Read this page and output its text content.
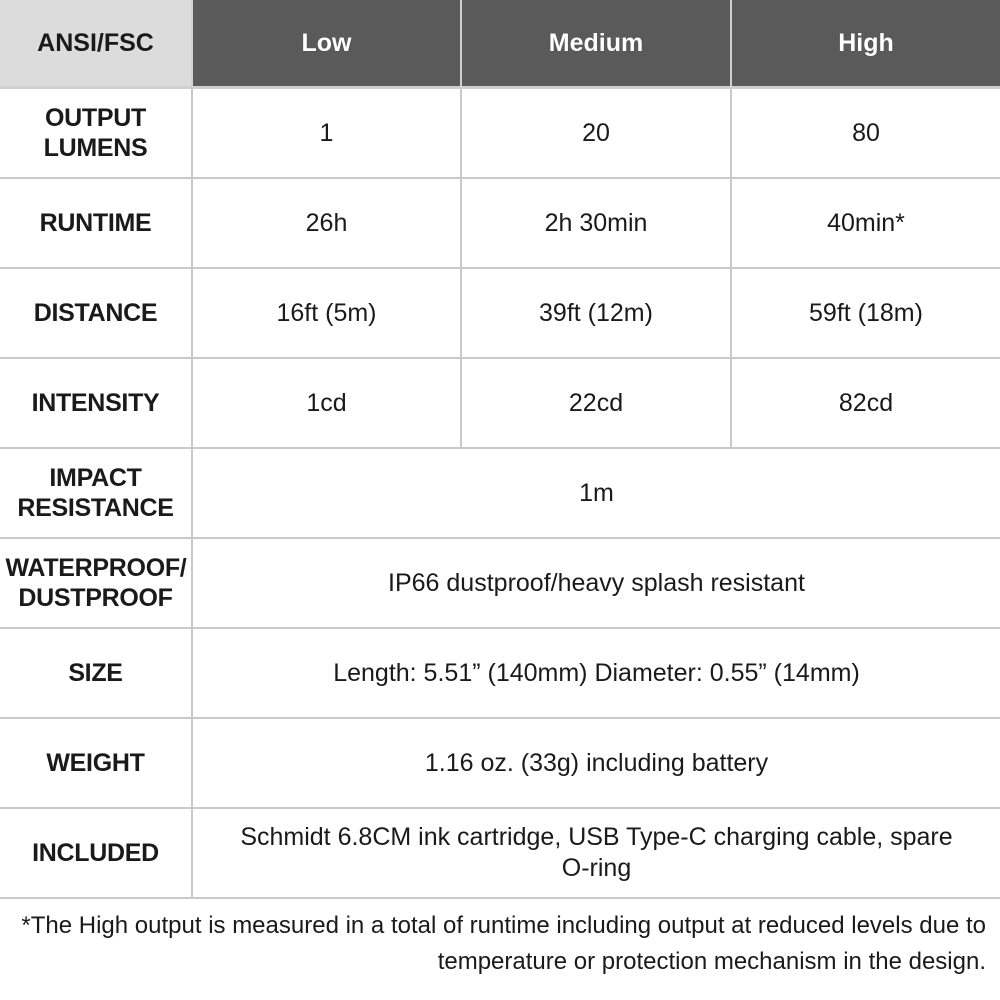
ANSI/FSC	Low	Medium	High
OUTPUT LUMENS	1	20	80
RUNTIME	26h	2h 30min	40min*
DISTANCE	16ft (5m)	39ft (12m)	59ft (18m)
INTENSITY	1cd	22cd	82cd
IMPACT RESISTANCE	1m		
WATERPROOF/ DUSTPROOF	IP66 dustproof/heavy splash resistant		
SIZE	Length: 5.51” (140mm) Diameter: 0.55” (14mm)		
WEIGHT	1.16 oz. (33g) including battery		
INCLUDED	Schmidt 6.8CM ink cartridge, USB Type-C charging cable, spare O-ring		
*The High output is measured in a total of runtime including output at reduced levels due to temperature or protection mechanism in the design.
